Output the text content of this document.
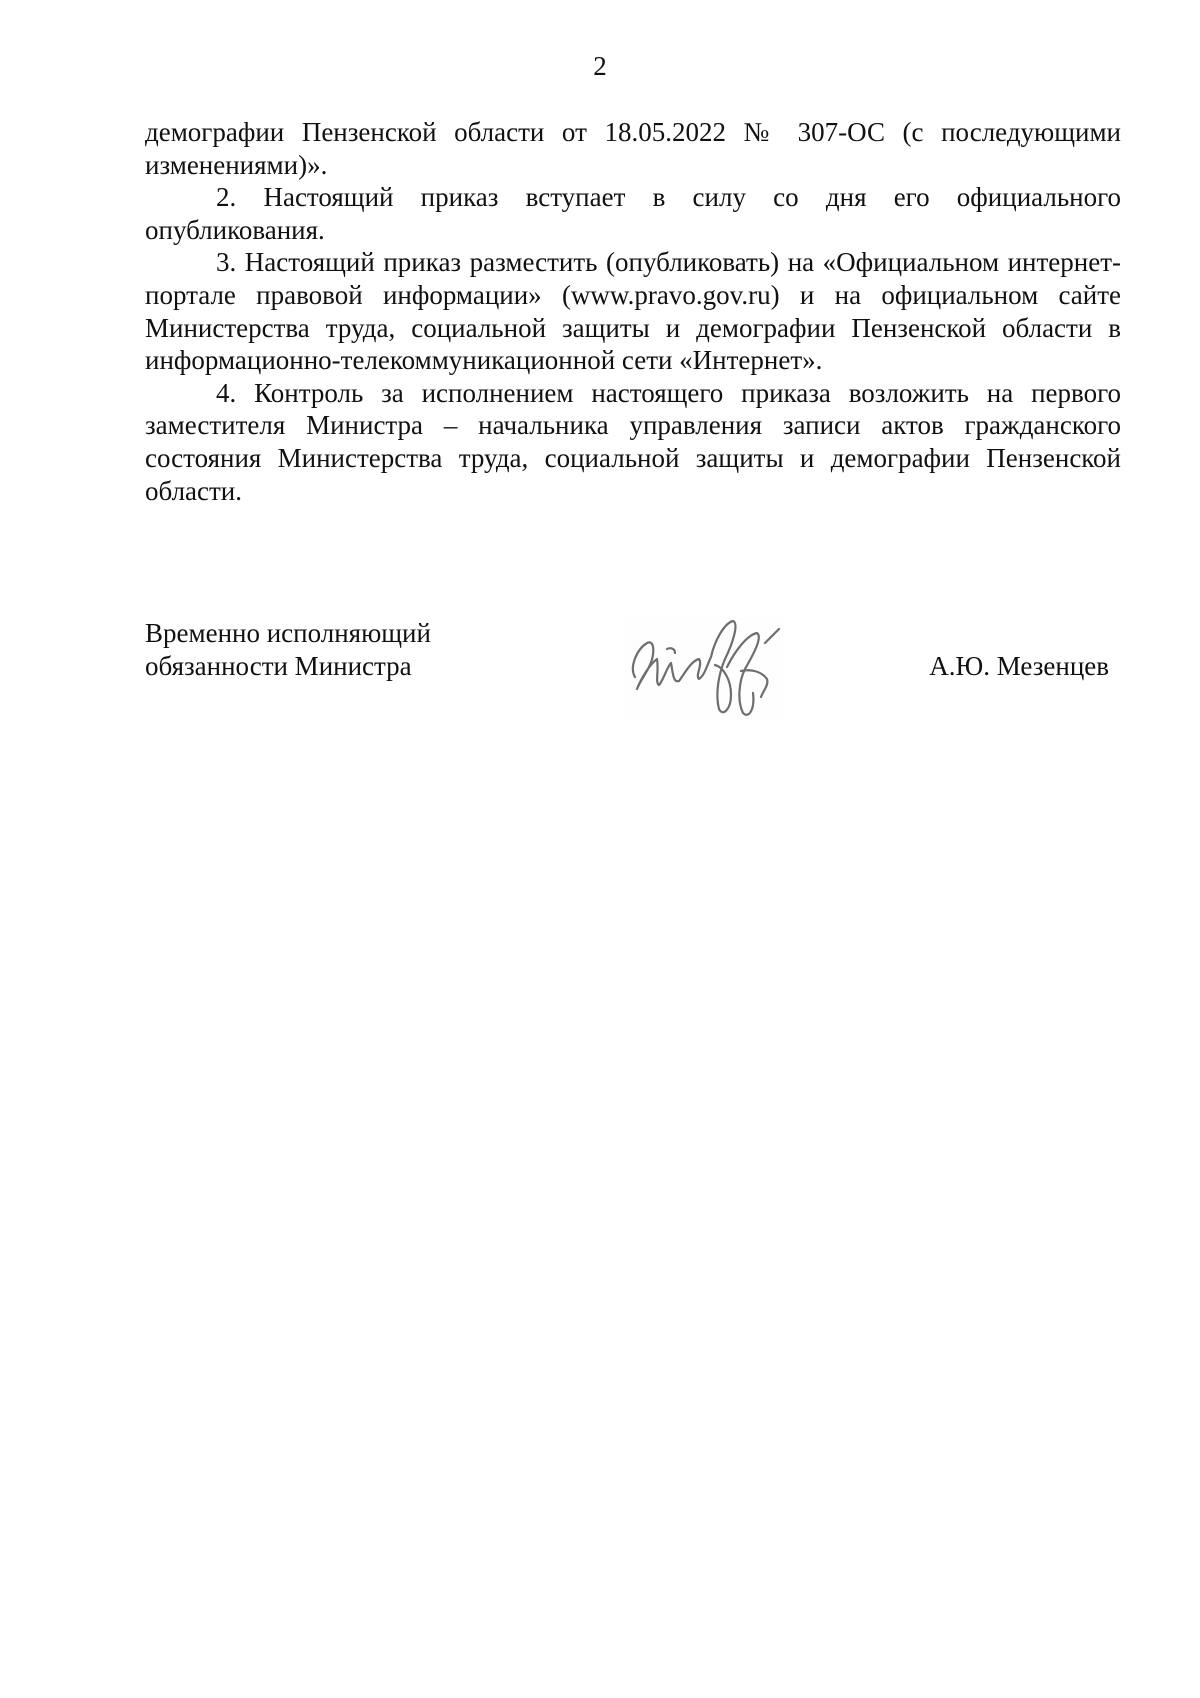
2

демографии Пензенской области от 18.05.2022 № 307-ОС (с последующими изменениями)».

2. Настоящий приказ вступает в силу со дня его официального опубликования.

3. Настоящий приказ разместить (опубликовать) на «Официальном интернет-портале правовой информации» (www.pravo.gov.ru) и на официальном сайте Министерства труда, социальной защиты и демографии Пензенской области в информационно-телекоммуникационной сети «Интернет».

4. Контроль за исполнением настоящего приказа возложить на первого заместителя Министра – начальника управления записи актов гражданского состояния Министерства труда, социальной защиты и демографии Пензенской области.

Временно исполняющий
обязанности Министра	А.Ю. Мезенцев
